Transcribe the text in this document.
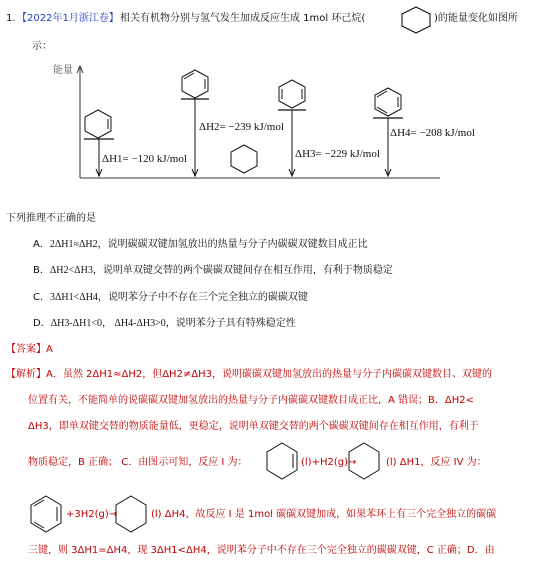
1. 【2022年1月浙江卷】 相关有机物分别与氢气发生加成反应生成 1mol 环己烷(	)的能量变化如图所
示：
能量
ΔH1= −120 kJ/mol
ΔH2= −239 kJ/mol
ΔH3= −229 kJ/mol
ΔH4= −208 kJ/mol
下列推理不正确的是
A．2ΔH1≈ΔH2，说明碳碳双键加氢放出的热量与分子内碳碳双键数目成正比
B．ΔH2<ΔH3，说明单双键交替的两个碳碳双键间存在相互作用，有利于物质稳定
C．3ΔH1<ΔH4，说明苯分子中不存在三个完全独立的碳碳双键
D．ΔH3-ΔH1<0， ΔH4-ΔH3>0，说明苯分子具有特殊稳定性
【答案】A
【解析】A．虽然 2ΔH1≈ΔH2，但ΔH2≠ΔH3，说明碳碳双键加氢放出的热量与分子内碳碳双键数目、双键的
位置有关，不能简单的说碳碳双键加氢放出的热量与分子内碳碳双键数目成正比，A 错误；B．ΔH2<
ΔH3，即单双键交替的物质能量低，更稳定，说明单双键交替的两个碳碳双键间存在相互作用，有利于
物质稳定，B 正确； C．由图示可知，反应 I 为：	(l)+H2(g)→	(l) ΔH1，反应 IV 为：
+3H2(g)→	(l) ΔH4，故反应 I 是 1mol 碳碳双键加成，如果苯环上有三个完全独立的碳碳
三键，则 3ΔH1=ΔH4，现 3ΔH1<ΔH4，说明苯分子中不存在三个完全独立的碳碳双键，C 正确；D．由
